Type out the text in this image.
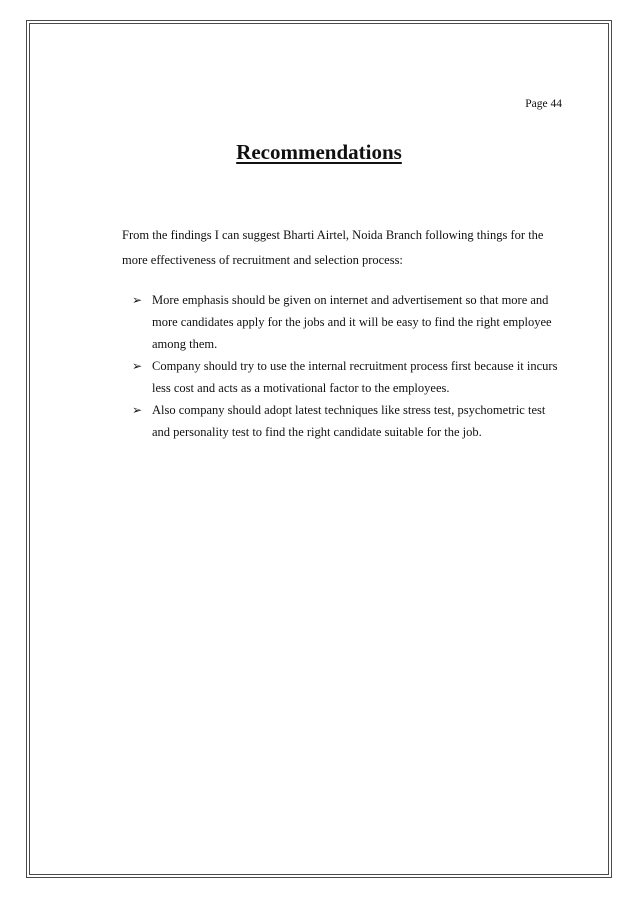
Page 44
Recommendations

From the findings I can suggest Bharti Airtel, Noida Branch following things for the more effectiveness of recruitment and selection process:

➢ More emphasis should be given on internet and advertisement so that more and more candidates apply for the jobs and it will be easy to find the right employee among them.
➢ Company should try to use the internal recruitment process first because it incurs less cost and acts as a motivational factor to the employees.
➢ Also company should adopt latest techniques like stress test, psychometric test and personality test to find the right candidate suitable for the job.
